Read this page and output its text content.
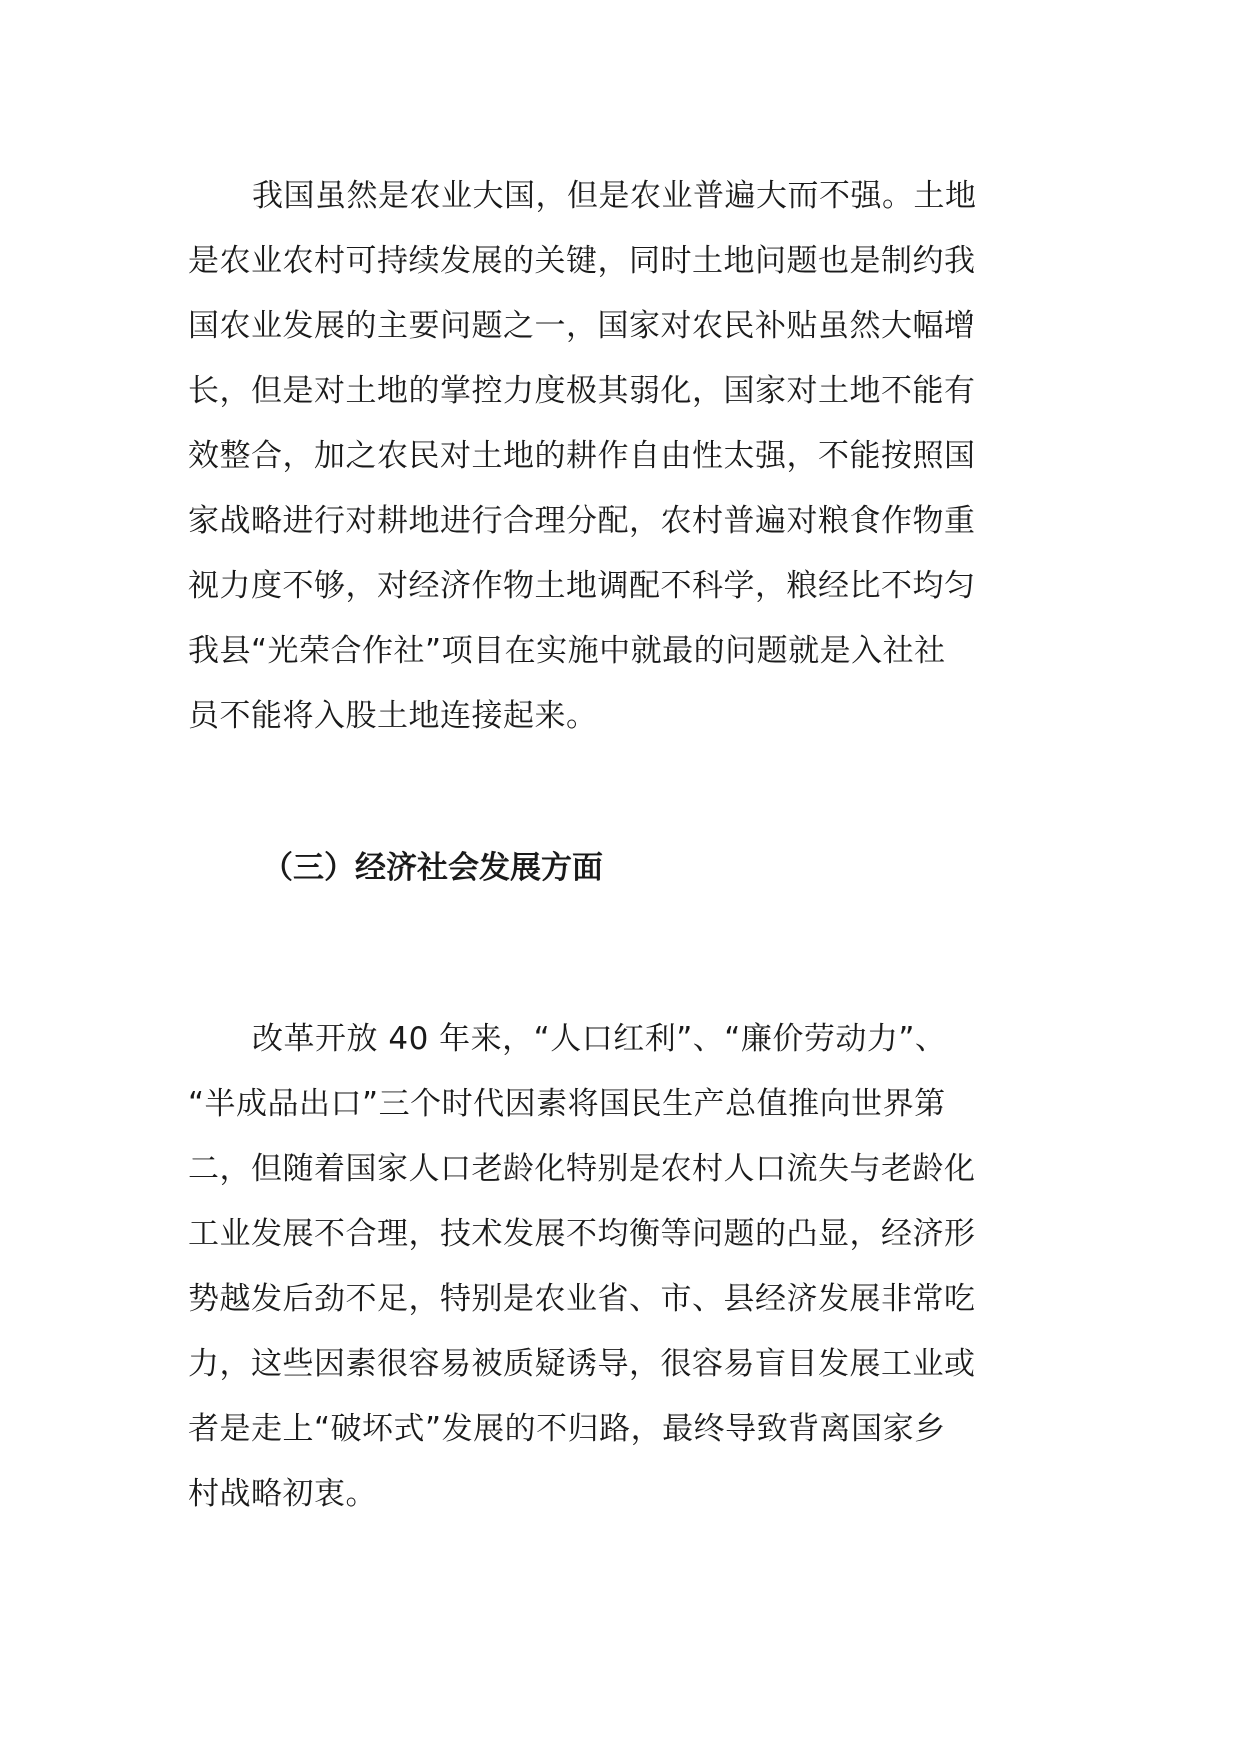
我国虽然是农业大国，但是农业普遍大而不强。土地
是农业农村可持续发展的关键，同时土地问题也是制约我
国农业发展的主要问题之一，国家对农民补贴虽然大幅增
长，但是对土地的掌控力度极其弱化，国家对土地不能有
效整合，加之农民对土地的耕作自由性太强，不能按照国
家战略进行对耕地进行合理分配，农村普遍对粮食作物重
视力度不够，对经济作物土地调配不科学，粮经比不均匀
我县“光荣合作社”项目在实施中就最的问题就是入社社
员不能将入股土地连接起来。

（三）经济社会发展方面

改革开放 40 年来，“人口红利”、“廉价劳动力”、
“半成品出口”三个时代因素将国民生产总值推向世界第
二，但随着国家人口老龄化特别是农村人口流失与老龄化
工业发展不合理，技术发展不均衡等问题的凸显，经济形
势越发后劲不足，特别是农业省、市、县经济发展非常吃
力，这些因素很容易被质疑诱导，很容易盲目发展工业或
者是走上“破坏式”发展的不归路，最终导致背离国家乡
村战略初衷。
